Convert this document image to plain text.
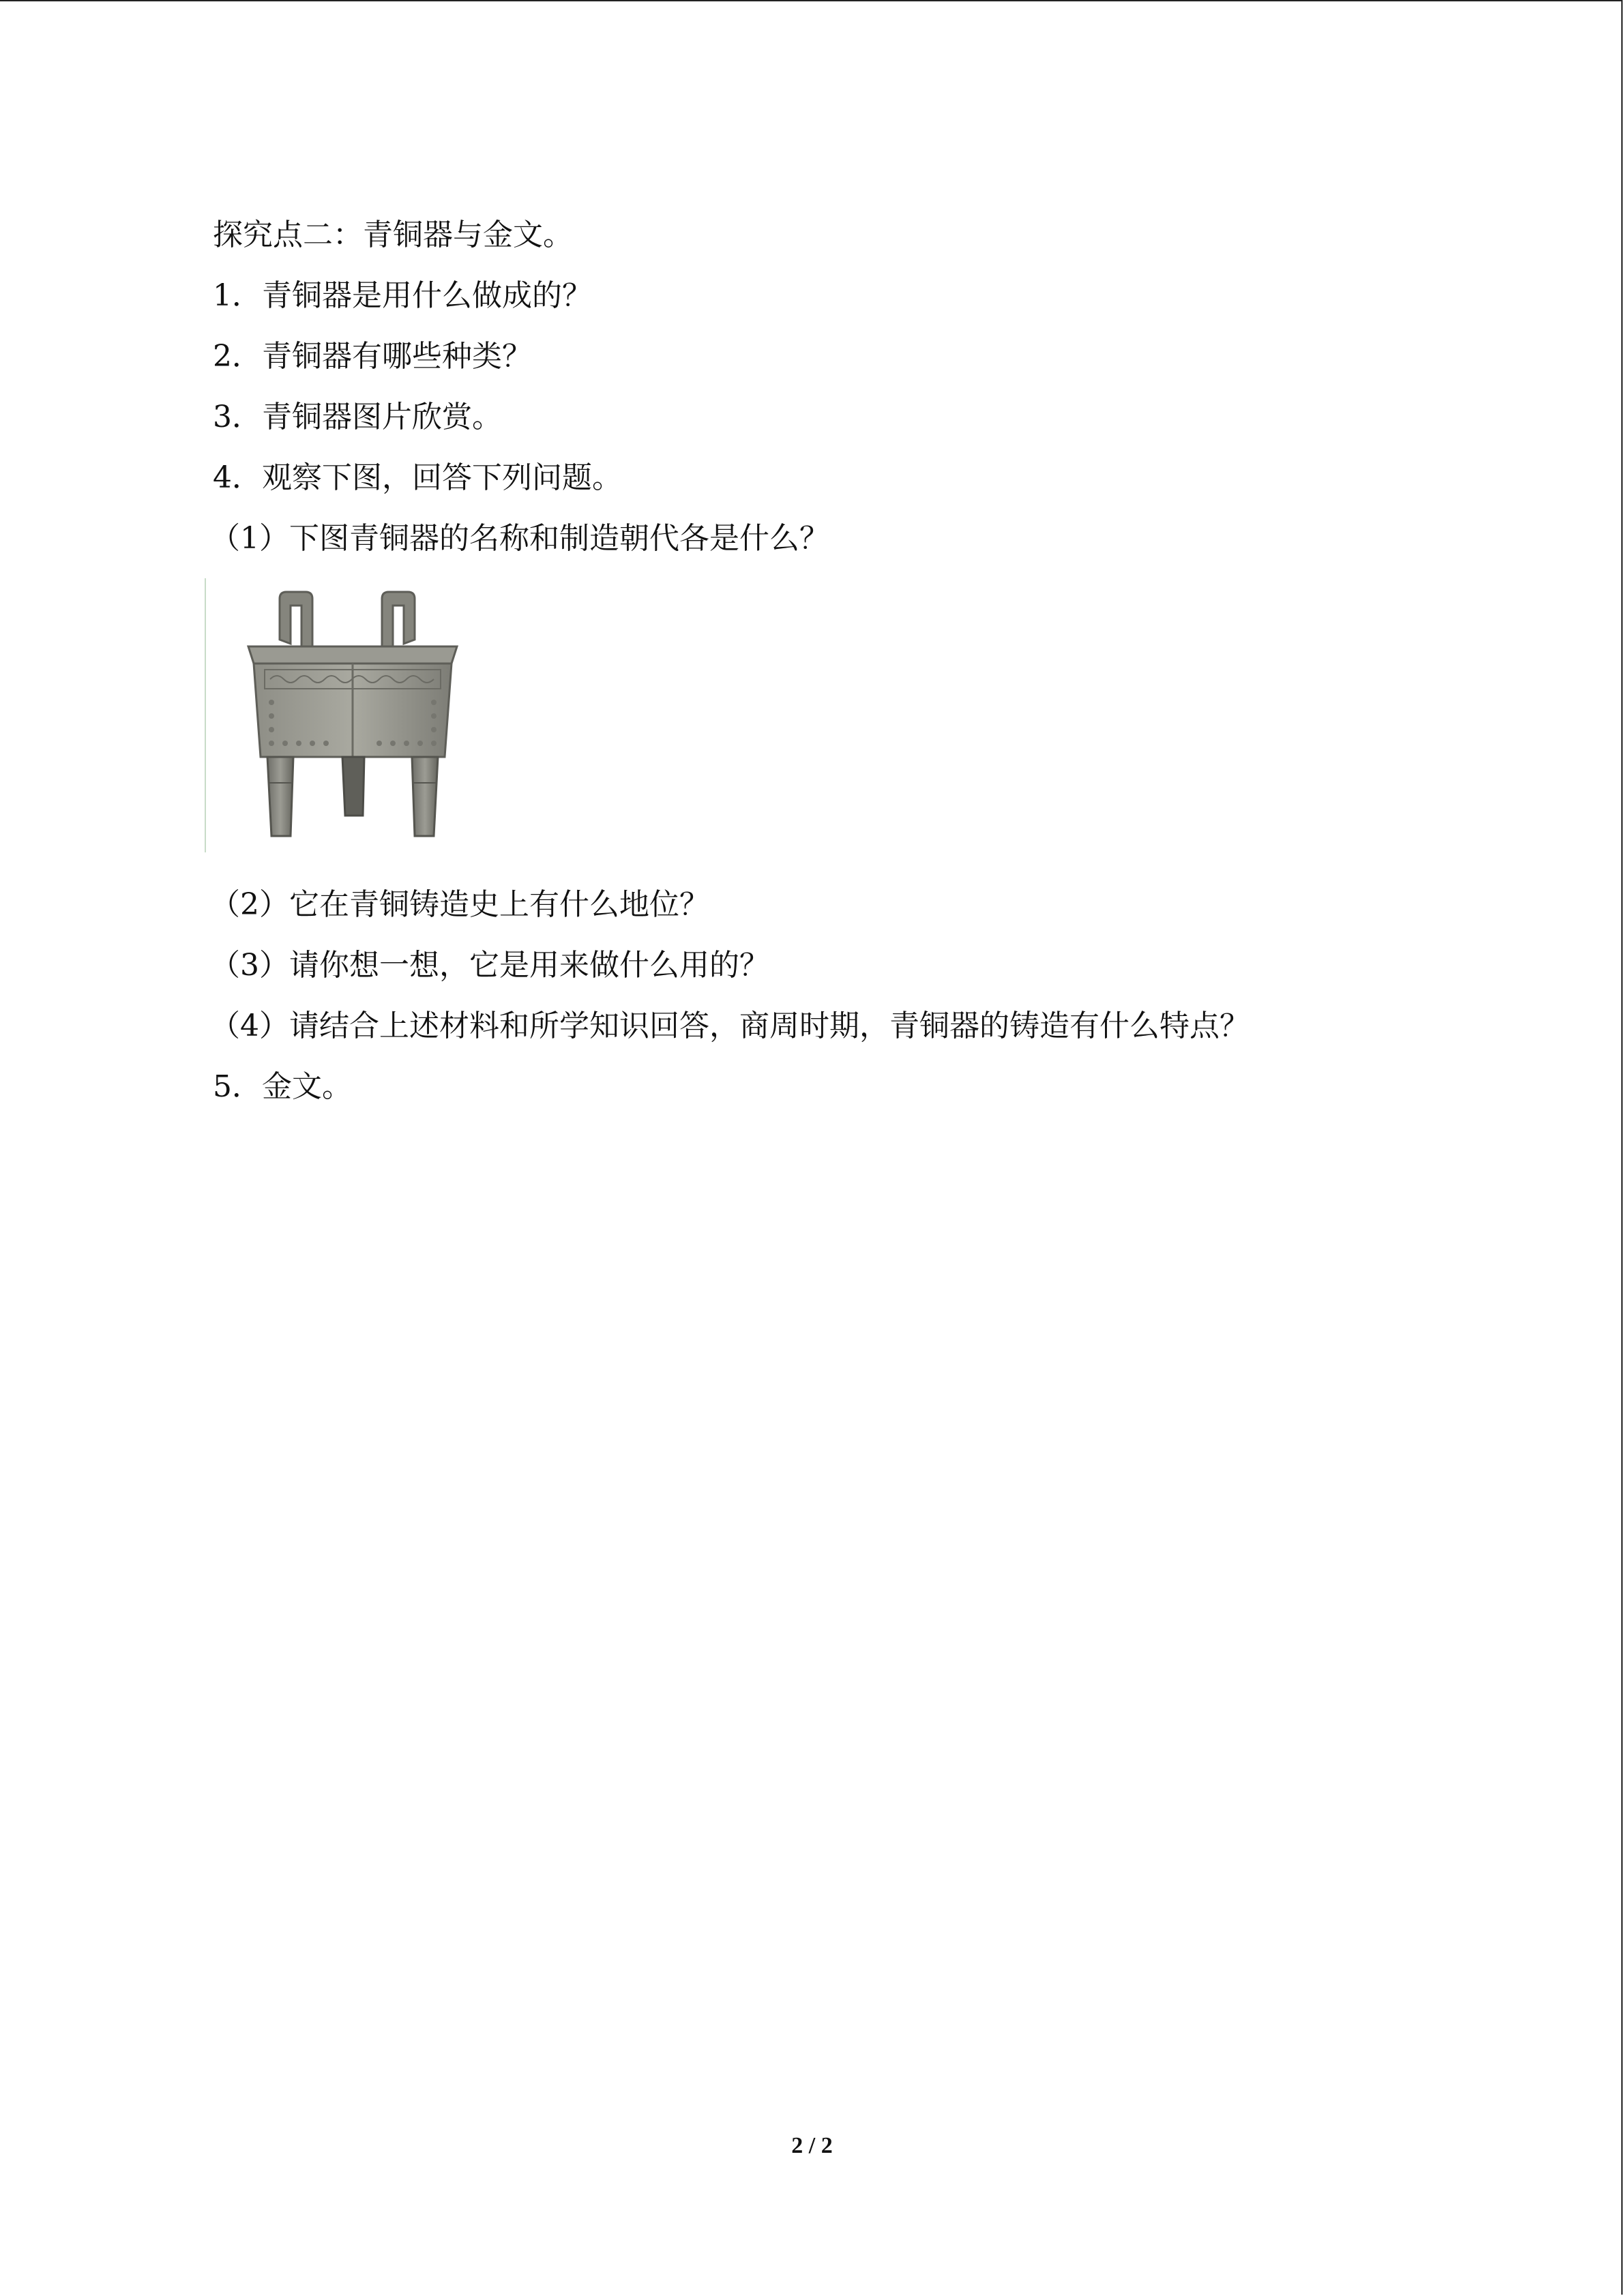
探究点二：青铜器与金文。

1．青铜器是用什么做成的？

2．青铜器有哪些种类？

3．青铜器图片欣赏。

4．观察下图，回答下列问题。

（1）下图青铜器的名称和制造朝代各是什么？

（2）它在青铜铸造史上有什么地位？

（3）请你想一想，它是用来做什么用的？

（4）请结合上述材料和所学知识回答，商周时期，青铜器的铸造有什么特点？

5．金文。

2 / 2
